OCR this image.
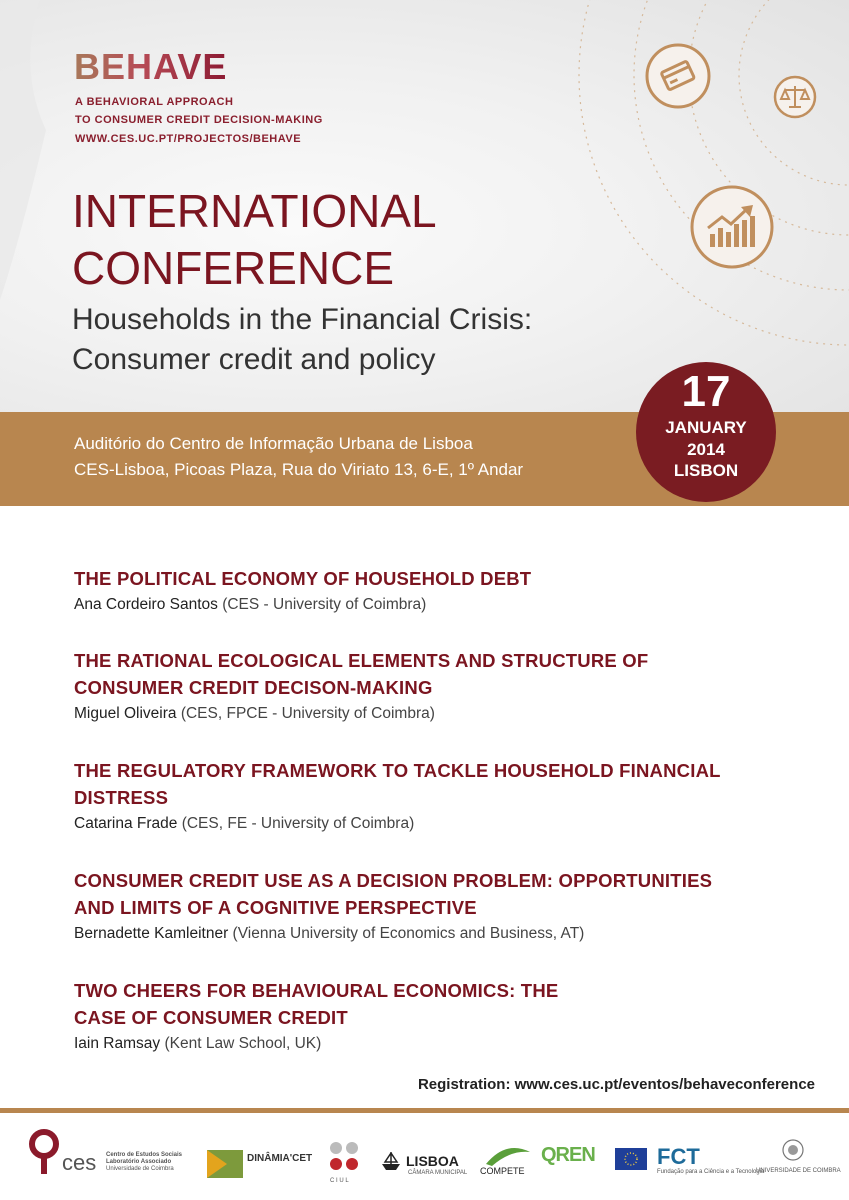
BEHAVE
A BEHAVIORAL APPROACH
TO CONSUMER CREDIT DECISION-MAKING
WWW.CES.UC.PT/PROJECTOS/BEHAVE
INTERNATIONAL
CONFERENCE
Households in the Financial Crisis:
Consumer credit and policy
Auditório do Centro de Informação Urbana de Lisboa
CES-Lisboa, Picoas Plaza, Rua do Viriato 13, 6-E, 1º Andar
17
JANUARY
2014
LISBON

THE POLITICAL ECONOMY OF HOUSEHOLD DEBT

Ana Cordeiro Santos (CES - University of Coimbra)

THE RATIONAL ECOLOGICAL ELEMENTS AND STRUCTURE OF CONSUMER CREDIT DECISON-MAKING

Miguel Oliveira (CES, FPCE - University of Coimbra)

THE REGULATORY FRAMEWORK TO TACKLE HOUSEHOLD FINANCIAL DISTRESS

Catarina Frade (CES, FE - University of Coimbra)

CONSUMER CREDIT USE AS A DECISION PROBLEM: OPPORTUNITIES AND LIMITS OF A COGNITIVE PERSPECTIVE

Bernadette Kamleitner (Vienna University of Economics and Business, AT)

TWO CHEERS FOR BEHAVIOURAL ECONOMICS: THE CASE OF CONSUMER CREDIT

Iain Ramsay (Kent Law School, UK)
Registration: www.ces.uc.pt/eventos/behaveconference
ces Centro de Estudos Sociais
Laboratório Associado
Universidade de Coimbra
DINÂMIA'CET
C I U L
LISBOA
CÂMARA MUNICIPAL COMPETE
QREN	FCT
Fundação para a Ciência e a Tecnologia
UNIVERSIDADE DE COIMBRA
